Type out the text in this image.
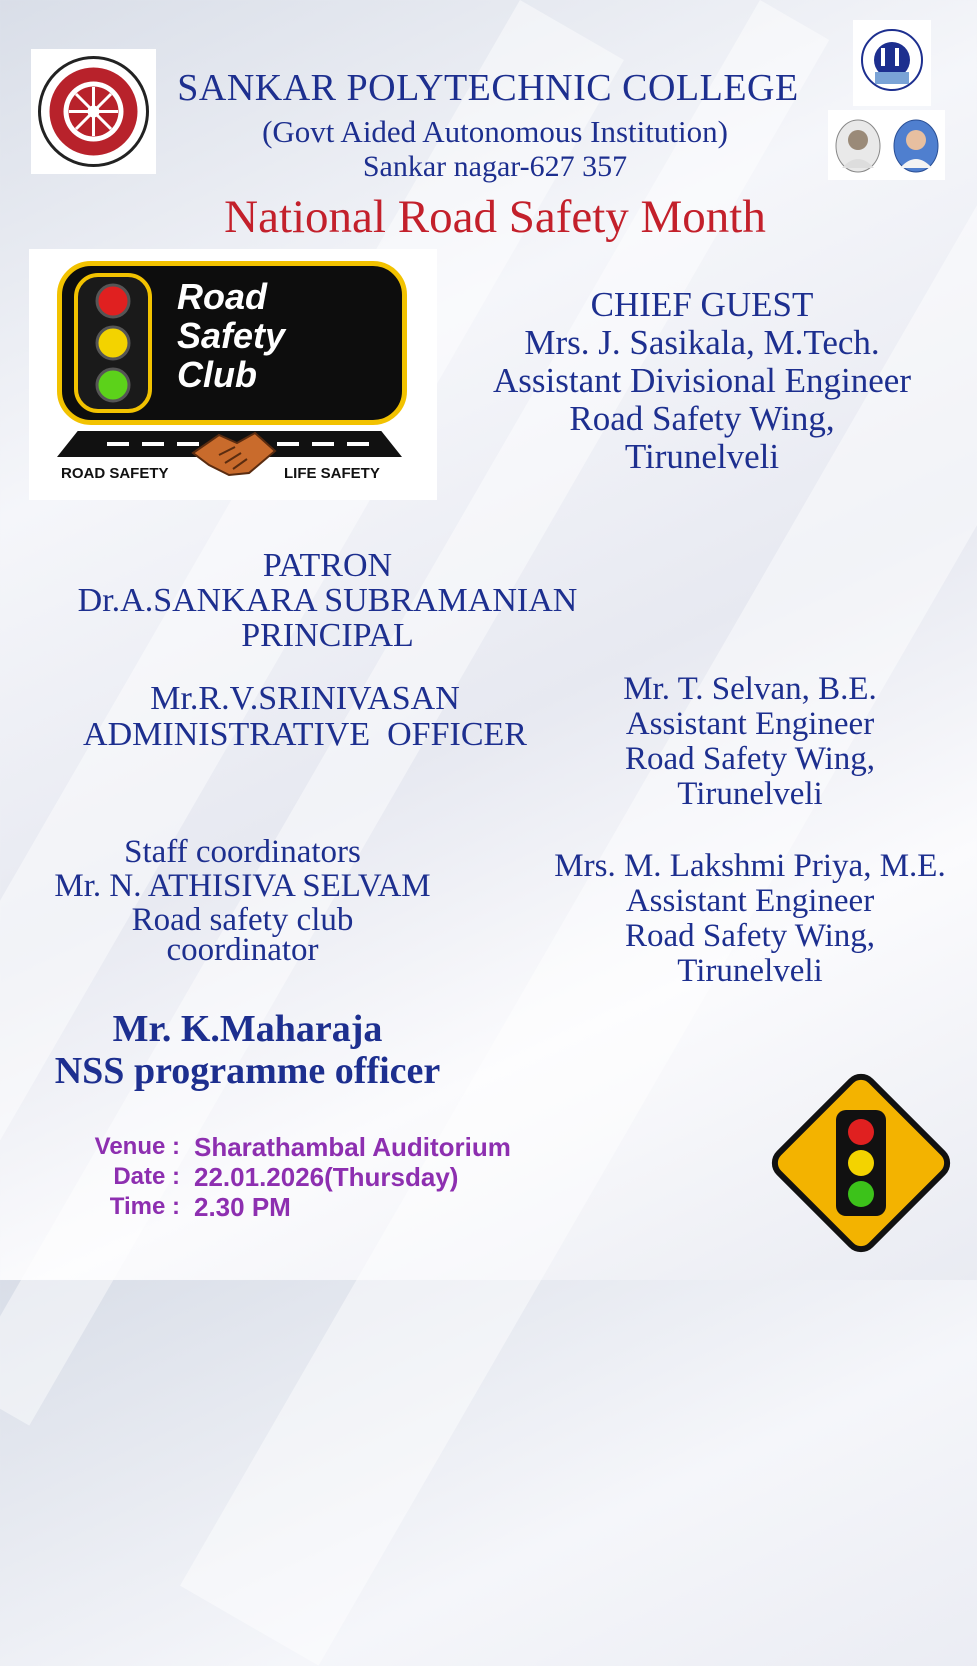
SANKAR POLYTECHNIC COLLEGE
(Govt Aided Autonomous Institution)
Sankar nagar-627 357
National Road Safety Month
Road
Safety
Club
ROAD SAFETY	LIFE SAFETY
CHIEF GUEST
Mrs. J. Sasikala, M.Tech.
Assistant Divisional Engineer
Road Safety Wing,
Tirunelveli
PATRON
Dr.A.SANKARA SUBRAMANIAN
PRINCIPAL
Mr.R.V.SRINIVASAN
ADMINISTRATIVE  OFFICER
Mr. T. Selvan, B.E.
Assistant Engineer
Road Safety Wing,
Tirunelveli
Staff coordinators
Mr. N. ATHISIVA SELVAM
Road safety club
coordinator
Mrs. M. Lakshmi Priya, M.E.
Assistant Engineer
Road Safety Wing,
Tirunelveli
Mr. K.Maharaja
NSS programme officer
Venue :
Date :
Time :
Sharathambal Auditorium
22.01.2026(Thursday)
2.30 PM
